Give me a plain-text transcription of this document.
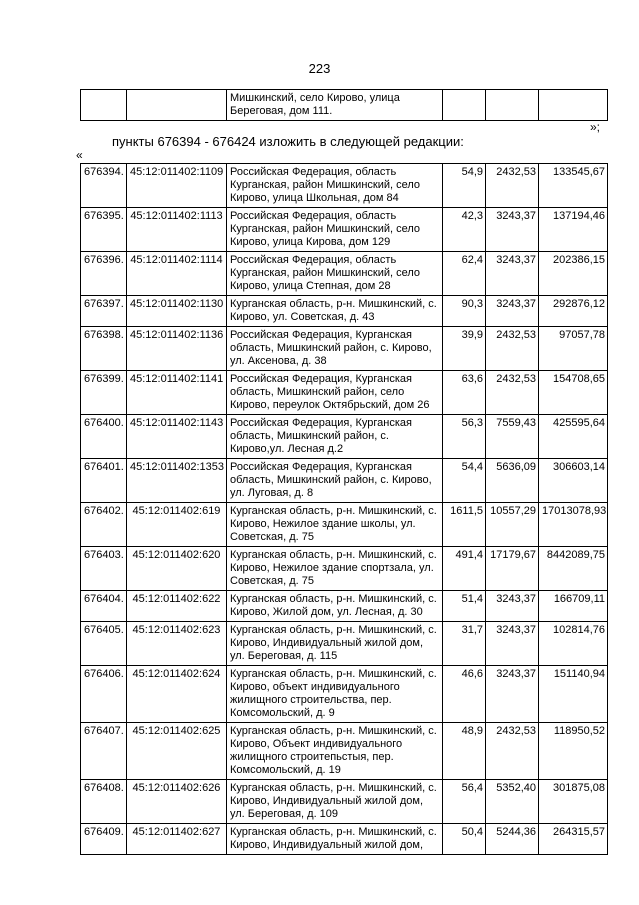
223
		Мишкинский, село Кирово, улица Береговая, дом 111.			
»;
пункты 676394 - 676424 изложить в следующей редакции:
«
676394.	45:12:011402:1109	Российская Федерация, область Курганская, район Мишкинский, село Кирово, улица Школьная, дом 84	54,9	2432,53	133545,67
676395.	45:12:011402:1113	Российская Федерация, область Курганская, район Мишкинский, село Кирово, улица Кирова, дом 129	42,3	3243,37	137194,46
676396.	45:12:011402:1114	Российская Федерация, область Курганская, район Мишкинский, село Кирово, улица Степная, дом 28	62,4	3243,37	202386,15
676397.	45:12:011402:1130	Курганская область, р-н. Мишкинский, с. Кирово, ул. Советская, д. 43	90,3	3243,37	292876,12
676398.	45:12:011402:1136	Российская Федерация, Курганская область, Мишкинский район, с. Кирово, ул. Аксенова, д. 38	39,9	2432,53	97057,78
676399.	45:12:011402:1141	Российская Федерация, Курганская область, Мишкинский район, село Кирово, переулок Октябрьский, дом 26	63,6	2432,53	154708,65
676400.	45:12:011402:1143	Российская Федерация, Курганская область, Мишкинский район, с. Кирово,ул. Лесная д.2	56,3	7559,43	425595,64
676401.	45:12:011402:1353	Российская Федерация, Курганская область, Мишкинский район, с. Кирово, ул. Луговая, д. 8	54,4	5636,09	306603,14
676402.	45:12:011402:619	Курганская область, р-н. Мишкинский, с. Кирово, Нежилое здание школы, ул. Советская, д. 75	1611,5	10557,29	17013078,93
676403.	45:12:011402:620	Курганская область, р-н. Мишкинский, с. Кирово, Нежилое здание спортзала, ул. Советская, д. 75	491,4	17179,67	8442089,75
676404.	45:12:011402:622	Курганская область, р-н. Мишкинский, с. Кирово, Жилой дом, ул. Лесная, д. 30	51,4	3243,37	166709,11
676405.	45:12:011402:623	Курганская область, р-н. Мишкинский, с. Кирово, Индивидуальный жилой дом, ул. Береговая, д. 115	31,7	3243,37	102814,76
676406.	45:12:011402:624	Курганская область, р-н. Мишкинский, с. Кирово, объект индивидуального жилищного строительства, пер. Комсомольский, д. 9	46,6	3243,37	151140,94
676407.	45:12:011402:625	Курганская область, р-н. Мишкинский, с. Кирово, Объект индивидуального жилищного строитепьстыя, пер. Комсомольский, д. 19	48,9	2432,53	118950,52
676408.	45:12:011402:626	Курганская область, р-н. Мишкинский, с. Кирово, Индивидуальный жилой дом, ул. Береговая, д. 109	56,4	5352,40	301875,08
676409.	45:12:011402:627	Курганская область, р-н. Мишкинский, с. Кирово, Индивидуальный жилой дом,	50,4	5244,36	264315,57
